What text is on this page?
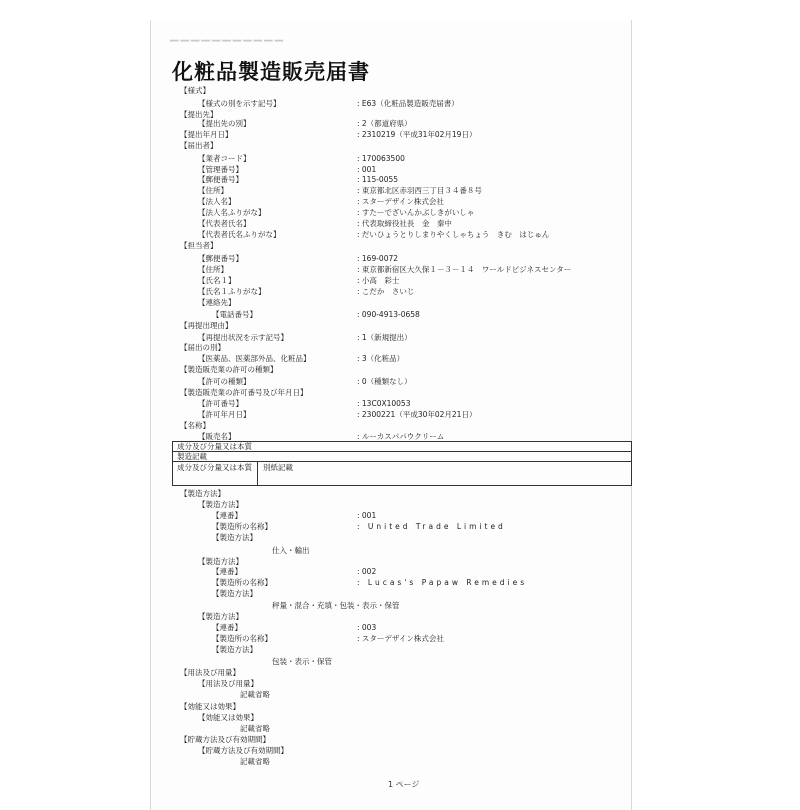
▔▔▔▔▔▔▔▔▔▔▔
化粧品製造販売届書
【様式】
【様式の別を示す記号】	: E63（化粧品製造販売届書）
【提出先】
【提出先の別】	: 2（都道府県）
【提出年月日】	: 2310219（平成31年02月19日）
【届出者】
【業者コード】	: 170063500
【管理番号】	: 001
【郵便番号】	: 115-0055
【住所】	: 東京都北区赤羽西三丁目３４番８号
【法人名】	: スターデザイン株式会社
【法人名ふりがな】	: すたーでざいんかぶしきがいしゃ
【代表者氏名】	: 代表取締役社長　金　秦中
【代表者氏名ふりがな】	: だいひょうとりしまりやくしゃちょう　きむ　はじゅん
【担当者】
【郵便番号】	: 169-0072
【住所】	: 東京都新宿区大久保１－３－１４　ワールドビジネスセンター
【氏名１】	: 小高　彩士
【氏名１ふりがな】	: こだか　さいじ
【連絡先】
【電話番号】	: 090-4913-0658
【再提出理由】
【再提出状況を示す記号】	: 1（新規提出）
【届出の別】
【医薬品、医薬部外品、化粧品】	: 3（化粧品）
【製造販売業の許可の種類】
【許可の種類】	: 0（種類なし）
【製造販売業の許可番号及び年月日】
【許可番号】	: 13C0X10053
【許可年月日】	: 2300221（平成30年02月21日）
【名称】
【販売名】	: ルーカスパパウクリーム
成分及び分量又は本質
製造記載
成分及び分量又は本質 別紙記載
【製造方法】
【製造方法】
【連番】	: 001
【製造所の名称】	: United Trade Limited
【製造方法】
仕入・輸出
【製造方法】
【連番】	: 002
【製造所の名称】	: Lucas's Papaw Remedies
【製造方法】
秤量・混合・充填・包装・表示・保管
【製造方法】
【連番】	: 003
【製造所の名称】	: スターデザイン株式会社
【製造方法】
包装・表示・保管
【用法及び用量】
【用法及び用量】
記載省略
【効能又は効果】
【効能又は効果】
記載省略
【貯蔵方法及び有効期間】
【貯蔵方法及び有効期間】
記載省略
1 ページ
